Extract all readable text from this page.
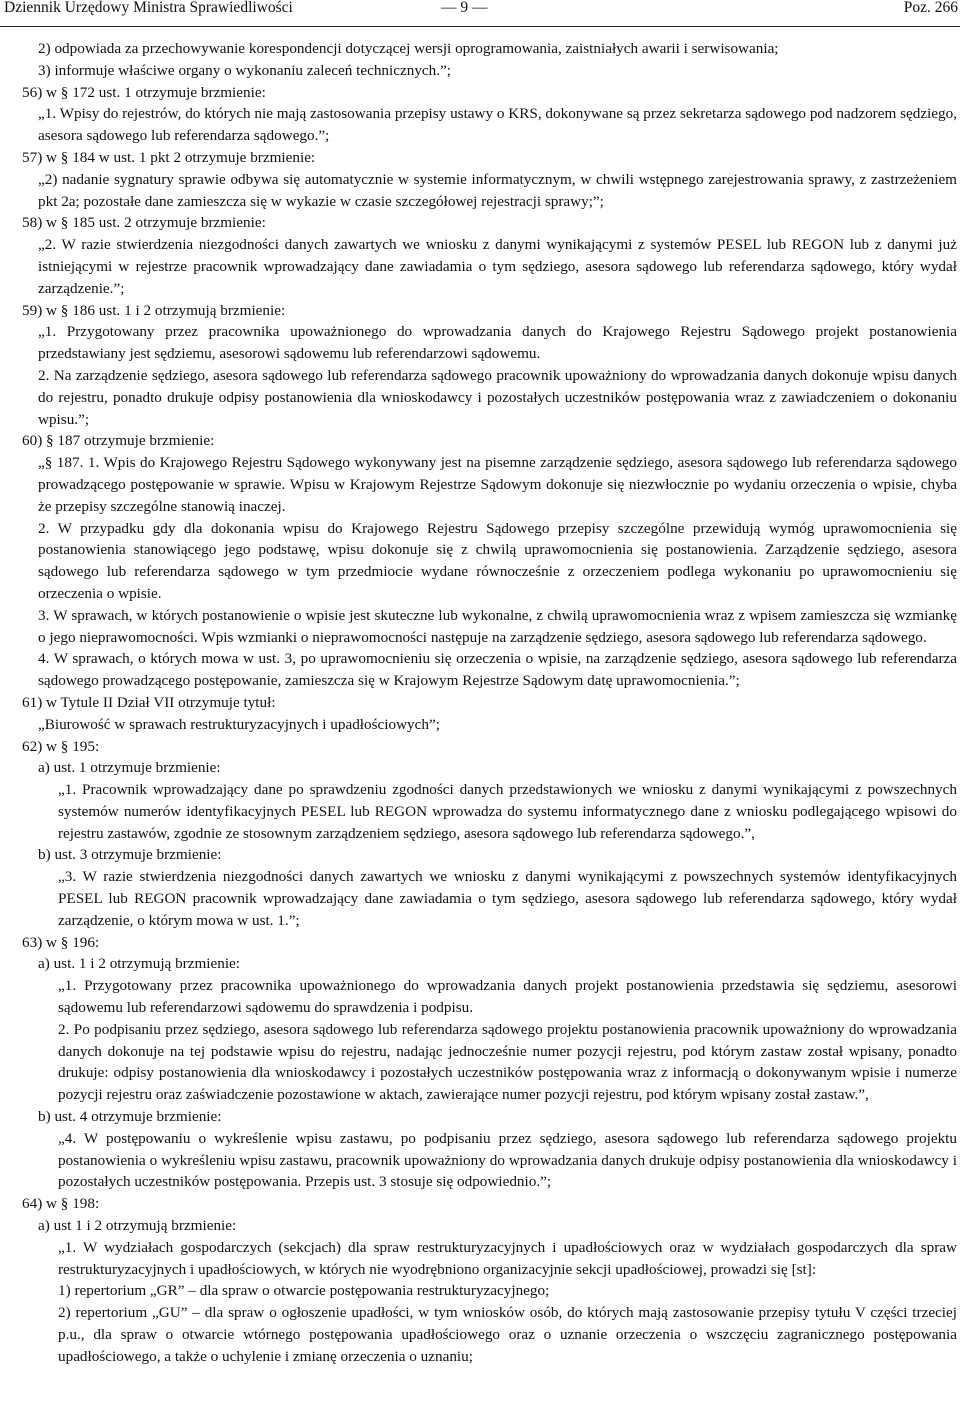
Dziennik Urzędowy Ministra Sprawiedliwości	— 9 —	Poz. 266

2) odpowiada za przechowywanie korespondencji dotyczącej wersji oprogramowania, zaistniałych awarii i serwisowania;

3) informuje właściwe organy o wykonaniu zaleceń technicznych.”;

56) w § 172 ust. 1 otrzymuje brzmienie:

„1. Wpisy do rejestrów, do których nie mają zastosowania przepisy ustawy o KRS, dokonywane są przez sekretarza sądowego pod nadzorem sędziego, asesora sądowego lub referendarza sądowego.”;

57) w § 184 w ust. 1 pkt 2 otrzymuje brzmienie:

„2) nadanie sygnatury sprawie odbywa się automatycznie w systemie informatycznym, w chwili wstępnego zarejestrowania sprawy, z zastrzeżeniem pkt 2a; pozostałe dane zamieszcza się w wykazie w czasie szczegółowej rejestracji sprawy;”;

58) w § 185 ust. 2 otrzymuje brzmienie:

„2. W razie stwierdzenia niezgodności danych zawartych we wniosku z danymi wynikającymi z systemów PESEL lub REGON lub z danymi już istniejącymi w rejestrze pracownik wprowadzający dane zawiadamia o tym sędziego, asesora sądowego lub referendarza sądowego, który wydał zarządzenie.”;

59) w § 186 ust. 1 i 2 otrzymują brzmienie:

„1. Przygotowany przez pracownika upoważnionego do wprowadzania danych do Krajowego Rejestru Sądowego projekt postanowienia przedstawiany jest sędziemu, asesorowi sądowemu lub referendarzowi sądowemu.

2. Na zarządzenie sędziego, asesora sądowego lub referendarza sądowego pracownik upoważniony do wprowadzania danych dokonuje wpisu danych do rejestru, ponadto drukuje odpisy postanowienia dla wnioskodawcy i pozostałych uczestników postępowania wraz z zawiadczeniem o dokonaniu wpisu.”;

60) § 187 otrzymuje brzmienie:

„§ 187. 1. Wpis do Krajowego Rejestru Sądowego wykonywany jest na pisemne zarządzenie sędziego, asesora sądowego lub referendarza sądowego prowadzącego postępowanie w sprawie. Wpisu w Krajowym Rejestrze Sądowym dokonuje się niezwłocznie po wydaniu orzeczenia o wpisie, chyba że przepisy szczególne stanowią inaczej.

2. W przypadku gdy dla dokonania wpisu do Krajowego Rejestru Sądowego przepisy szczególne przewidują wymóg uprawomocnienia się postanowienia stanowiącego jego podstawę, wpisu dokonuje się z chwilą uprawomocnienia się postanowienia. Zarządzenie sędziego, asesora sądowego lub referendarza sądowego w tym przedmiocie wydane równocześnie z orzeczeniem podlega wykonaniu po uprawomocnieniu się orzeczenia o wpisie.

3. W sprawach, w których postanowienie o wpisie jest skuteczne lub wykonalne, z chwilą uprawomocnienia wraz z wpisem zamieszcza się wzmiankę o jego nieprawomocności. Wpis wzmianki o nieprawomocności następuje na zarządzenie sędziego, asesora sądowego lub referendarza sądowego.

4. W sprawach, o których mowa w ust. 3, po uprawomocnieniu się orzeczenia o wpisie, na zarządzenie sędziego, asesora sądowego lub referendarza sądowego prowadzącego postępowanie, zamieszcza się w Krajowym Rejestrze Sądowym datę uprawomocnienia.”;

61) w Tytule II Dział VII otrzymuje tytuł:

„Biurowość w sprawach restrukturyzacyjnych i upadłościowych”;

62) w § 195:

a) ust. 1 otrzymuje brzmienie:

„1. Pracownik wprowadzający dane po sprawdzeniu zgodności danych przedstawionych we wniosku z danymi wynikającymi z powszechnych systemów numerów identyfikacyjnych PESEL lub REGON wprowadza do systemu informatycznego dane z wniosku podlegającego wpisowi do rejestru zastawów, zgodnie ze stosownym zarządzeniem sędziego, asesora sądowego lub referendarza sądowego.”,

b) ust. 3 otrzymuje brzmienie:

„3. W razie stwierdzenia niezgodności danych zawartych we wniosku z danymi wynikającymi z powszechnych systemów identyfikacyjnych PESEL lub REGON pracownik wprowadzający dane zawiadamia o tym sędziego, asesora sądowego lub referendarza sądowego, który wydał zarządzenie, o którym mowa w ust. 1.”;

63) w § 196:

a) ust. 1 i 2 otrzymują brzmienie:

„1. Przygotowany przez pracownika upoważnionego do wprowadzania danych projekt postanowienia przedstawia się sędziemu, asesorowi sądowemu lub referendarzowi sądowemu do sprawdzenia i podpisu.

2. Po podpisaniu przez sędziego, asesora sądowego lub referendarza sądowego projektu postanowienia pracownik upoważniony do wprowadzania danych dokonuje na tej podstawie wpisu do rejestru, nadając jednocześnie numer pozycji rejestru, pod którym zastaw został wpisany, ponadto drukuje: odpisy postanowienia dla wnioskodawcy i pozostałych uczestników postępowania wraz z informacją o dokonywanym wpisie i numerze pozycji rejestru oraz zaświadczenie pozostawione w aktach, zawierające numer pozycji rejestru, pod którym wpisany został zastaw.”,

b) ust. 4 otrzymuje brzmienie:

„4. W postępowaniu o wykreślenie wpisu zastawu, po podpisaniu przez sędziego, asesora sądowego lub referendarza sądowego projektu postanowienia o wykreśleniu wpisu zastawu, pracownik upoważniony do wprowadzania danych drukuje odpisy postanowienia dla wnioskodawcy i pozostałych uczestników postępowania. Przepis ust. 3 stosuje się odpowiednio.”;

64) w § 198:

a) ust 1 i 2 otrzymują brzmienie:

„1. W wydziałach gospodarczych (sekcjach) dla spraw restrukturyzacyjnych i upadłościowych oraz w wydziałach gospodarczych dla spraw restrukturyzacyjnych i upadłościowych, w których nie wyodrębniono organizacyjnie sekcji upadłościowej, prowadzi się [st]:

1) repertorium „GR” – dla spraw o otwarcie postępowania restrukturyzacyjnego;

2) repertorium „GU” – dla spraw o ogłoszenie upadłości, w tym wniosków osób, do których mają zastosowanie przepisy tytułu V części trzeciej p.u., dla spraw o otwarcie wtórnego postępowania upadłościowego oraz o uznanie orzeczenia o wszczęciu zagranicznego postępowania upadłościowego, a także o uchylenie i zmianę orzeczenia o uznaniu;
